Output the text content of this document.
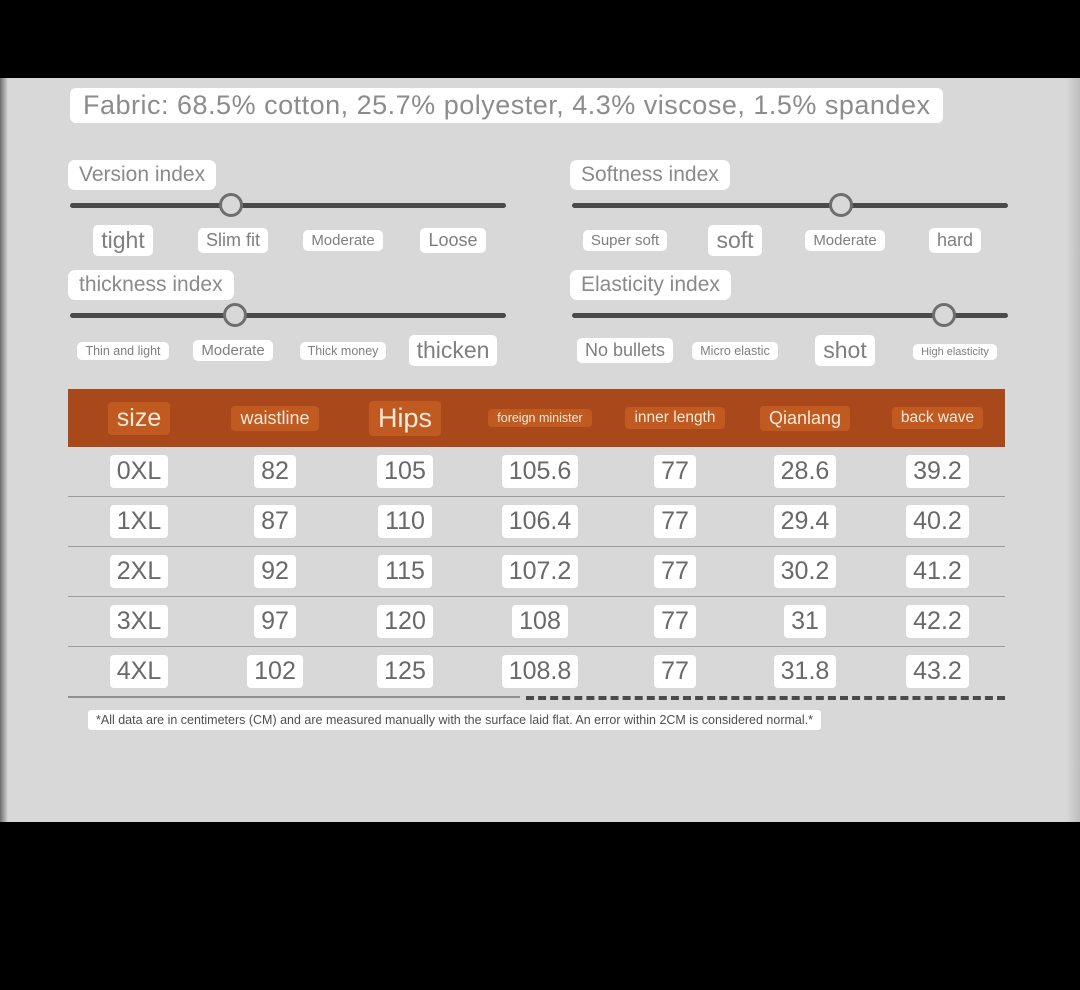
Fabric: 68.5% cotton, 25.7% polyester, 4.3% viscose, 1.5% spandex
Version index
tight	Slim fit	Moderate	Loose
Softness index
Super soft	soft	Moderate	hard
thickness index
Thin and light	Moderate	Thick money	thicken
Elasticity index
No bullets	Micro elastic	shot	High elasticity
size	waistline	Hips	foreign minister	inner length	Qianlang	back wave
0XL	82	105	105.6	77	28.6	39.2
1XL	87	110	106.4	77	29.4	40.2
2XL	92	115	107.2	77	30.2	41.2
3XL	97	120	108	77	31	42.2
4XL	102	125	108.8	77	31.8	43.2
*All data are in centimeters (CM) and are measured manually with the surface laid flat. An error within 2CM is considered normal.*
